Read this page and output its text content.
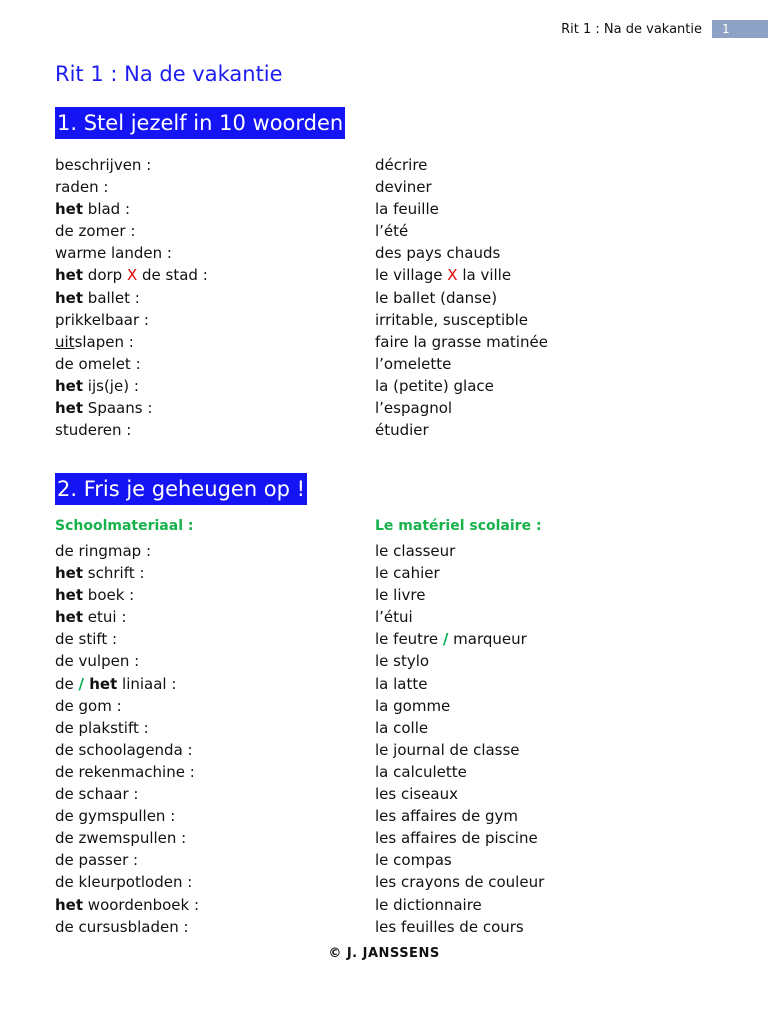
Rit 1 : Na de vakantie	1
Rit 1 : Na de vakantie
1. Stel jezelf in 10 woorden
beschrijven :	décrire
raden :	deviner
het blad :	la feuille
de zomer :	l’été
warme landen :	des pays chauds
het dorp X de stad :	le village X la ville
het ballet :	le ballet (danse)
prikkelbaar :	irritable, susceptible
uitslapen :	faire la grasse matinée
de omelet :	l’omelette
het ijs(je) :	la (petite) glace
het Spaans :	l’espagnol
studeren :	étudier
2. Fris je geheugen op !
Schoolmateriaal :	Le matériel scolaire :
de ringmap :	le classeur
het schrift :	le cahier
het boek :	le livre
het etui :	l’étui
de stift :	le feutre / marqueur
de vulpen :	le stylo
de / het liniaal :	la latte
de gom :	la gomme
de plakstift :	la colle
de schoolagenda :	le journal de classe
de rekenmachine :	la calculette
de schaar :	les ciseaux
de gymspullen :	les affaires de gym
de zwemspullen :	les affaires de piscine
de passer :	le compas
de kleurpotloden :	les crayons de couleur
het woordenboek :	le dictionnaire
de cursusbladen :	les feuilles de cours
© J. JANSSENS
